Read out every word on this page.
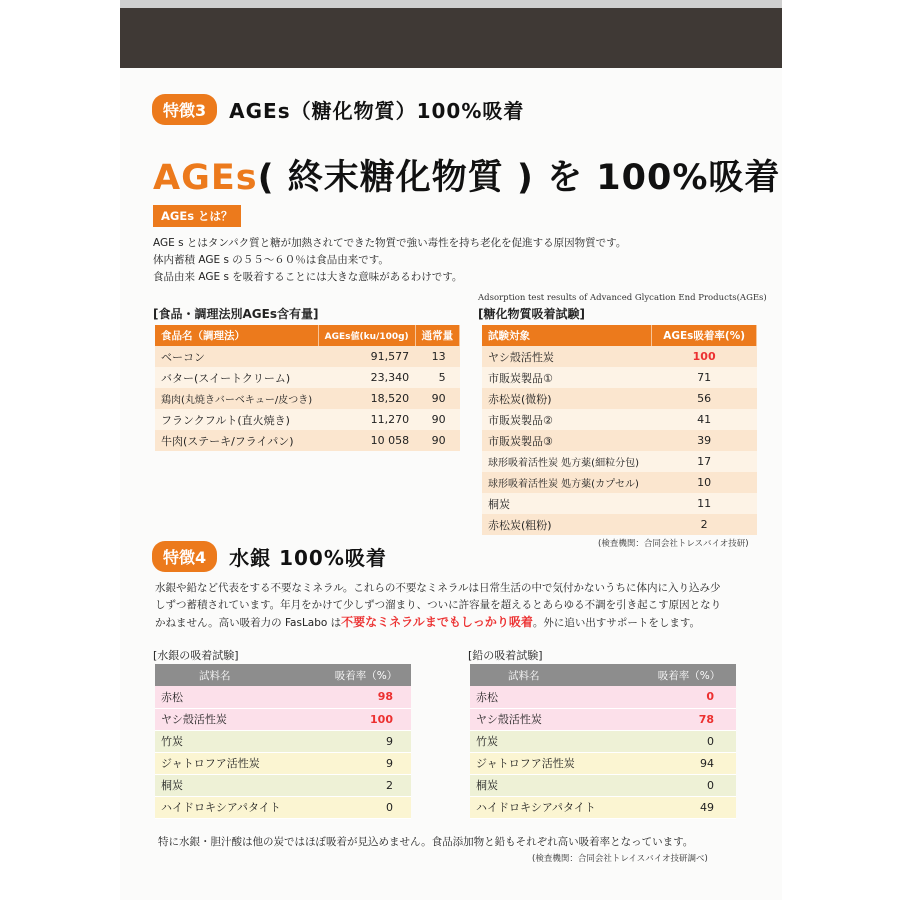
特徴3	AGEs（糖化物質）100%吸着
AGEs( 終末糖化物質 ) を 100%吸着
AGEs とは？

AGE s とはタンパク質と糖が加熱されてできた物質で強い毒性を持ち老化を促進する原因物質です。

体内蓄積 AGE s の５５～６０％は食品由来です。

食品由来 AGE s を吸着することには大きな意味があるわけです。

[食品・調理法別AGEs含有量]
食品名（調理法）	AGEs値(ku/100g)	通常量
ベーコン	91,577	13
バター(スイートクリーム)	23,340	5
鶏肉(丸焼きバーベキュー/皮つき)	18,520	90
フランクフルト(直火焼き)	11,270	90
牛肉(ステーキ/フライパン)	10 058	90
Adsorption test results of Advanced Glycation End Products(AGEs)
[糖化物質吸着試験]
試験対象	AGEs吸着率(%)
ヤシ殻活性炭	100
市販炭製品①	71
赤松炭(微粉)	56
市販炭製品②	41
市販炭製品③	39
球形吸着活性炭 処方薬(細粒分包)	17
球形吸着活性炭 処方薬(カプセル)	10
桐炭	11
赤松炭(粗粉)	2
(検査機関：合同会社トレスバイオ技研)
特徴4	水銀 100%吸着

水銀や鉛など代表をする不要なミネラル。これらの不要なミネラルは日常生活の中で気付かないうちに体内に入り込み少

しずつ蓄積されています。年月をかけて少しずつ溜まり、ついに許容量を超えるとあらゆる不調を引き起こす原因となり

かねません。高い吸着力の FasLabo は不要なミネラルまでもしっかり吸着。外に追い出すサポートをします。

[水銀の吸着試験]
試料名	吸着率（%）
赤松	98
ヤシ殻活性炭	100
竹炭	9
ジャトロフア活性炭	9
桐炭	2
ハイドロキシアパタイト	0
[鉛の吸着試験]
試料名	吸着率（%）
赤松	0
ヤシ殻活性炭	78
竹炭	0
ジャトロフア活性炭	94
桐炭	0
ハイドロキシアパタイト	49

特に水銀・胆汁酸は他の炭ではほぼ吸着が見込めません。食品添加物と鉛もそれぞれ高い吸着率となっています。

(検査機関：合同会社トレイスバイオ技研調べ)
